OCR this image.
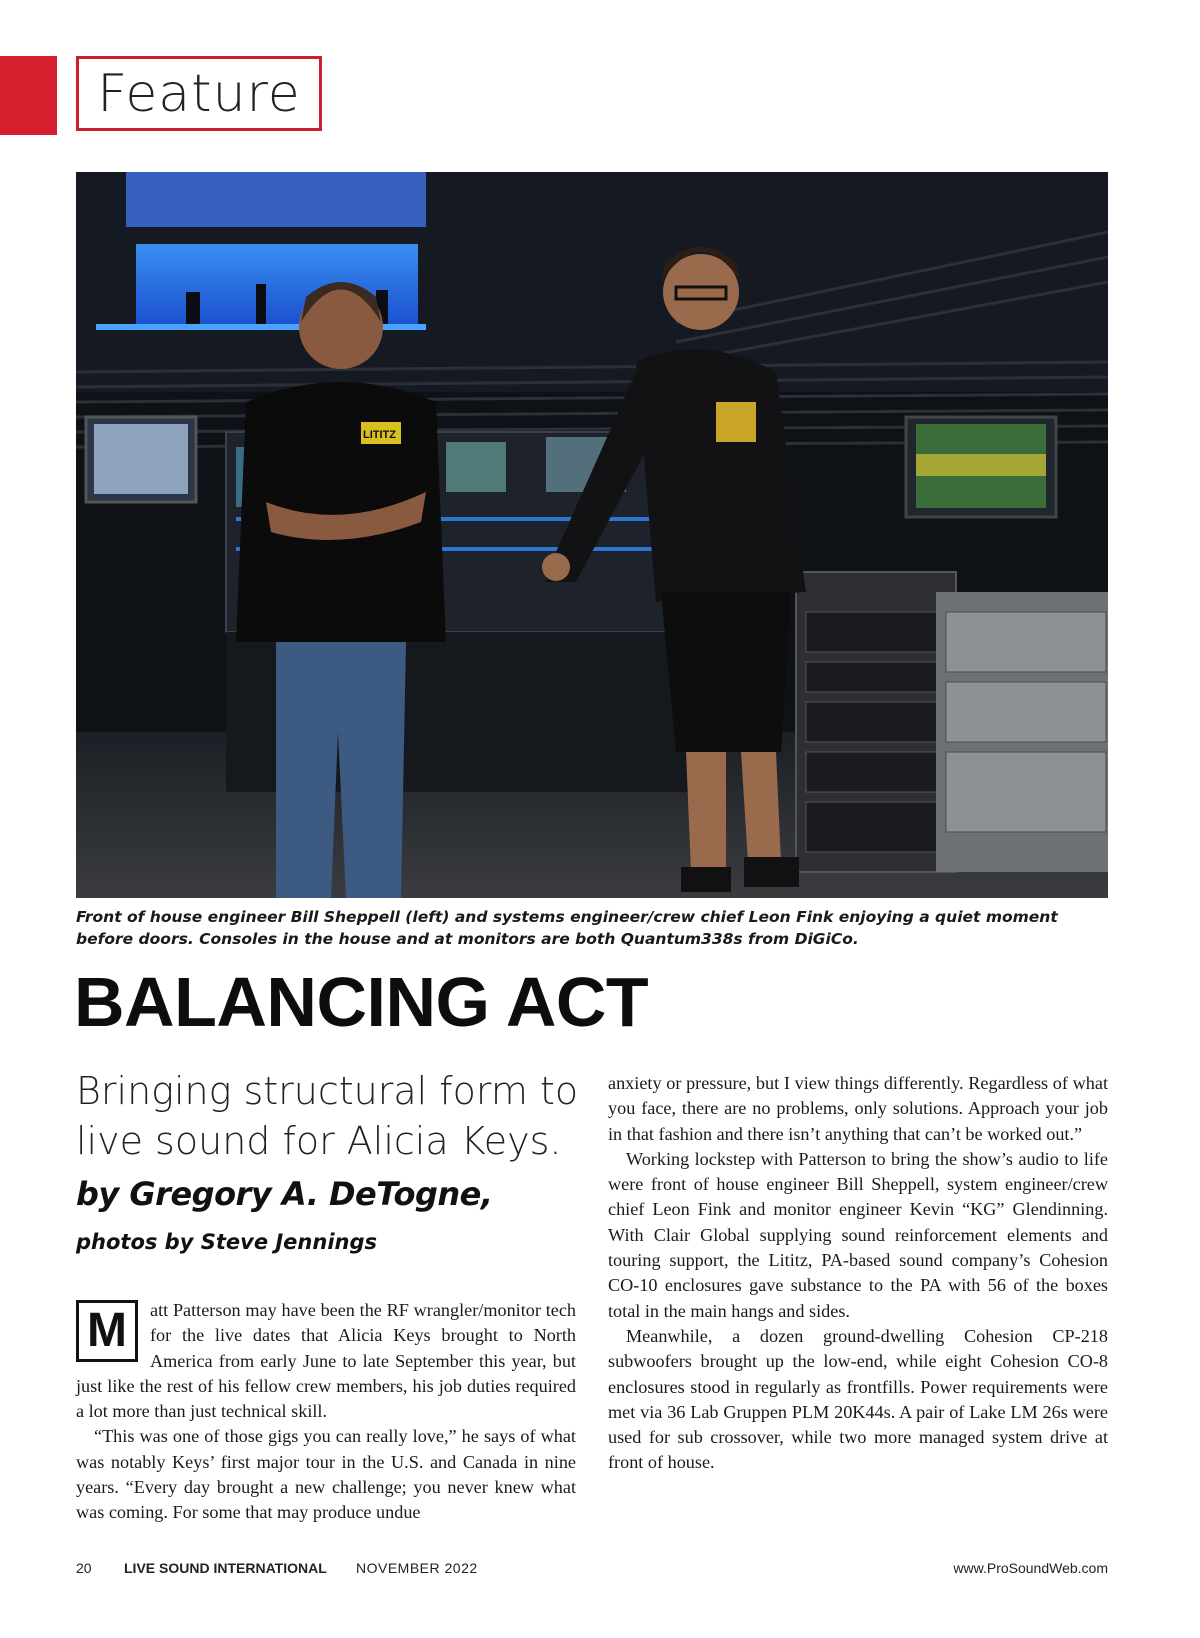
Feature
LITITZ
Front of house engineer Bill Sheppell (left) and systems engineer/crew chief Leon Fink enjoying a quiet moment before doors. Consoles in the house and at monitors are both Quantum338s from DiGiCo.
BALANCING ACT
Bringing structural form to live sound for Alicia Keys.
by Gregory A. DeTogne,
photos by Steve Jennings

M	att Patterson may have been the RF wrangler/monitor tech for the live dates that Alicia Keys brought to North America from early June to late September this year, but just like the rest of his fellow crew members, his job duties required a lot more than just technical skill.

“This was one of those gigs you can really love,” he says of what was notably Keys’ first major tour in the U.S. and Canada in nine years. “Every day brought a new challenge; you never knew what was coming. For some that may produce undue

anxiety or pressure, but I view things differently. Regardless of what you face, there are no problems, only solutions. Approach your job in that fashion and there isn’t anything that can’t be worked out.”

Working lockstep with Patterson to bring the show’s audio to life were front of house engineer Bill Sheppell, system engineer/crew chief Leon Fink and monitor engineer Kevin “KG” Glendinning. With Clair Global supplying sound reinforcement elements and touring support, the Lititz, PA-based sound company’s Cohesion CO-10 enclosures gave substance to the PA with 56 of the boxes total in the main hangs and sides.

Meanwhile, a dozen ground-dwelling Cohesion CP-218 subwoofers brought up the low-end, while eight Cohesion CO-8 enclosures stood in regularly as frontfills. Power requirements were met via 36 Lab Gruppen PLM 20K44s. A pair of Lake LM 26s were used for sub crossover, while two more managed system drive at front of house.

20 LIVE SOUND INTERNATIONAL NOVEMBER 2022	www.ProSoundWeb.com
